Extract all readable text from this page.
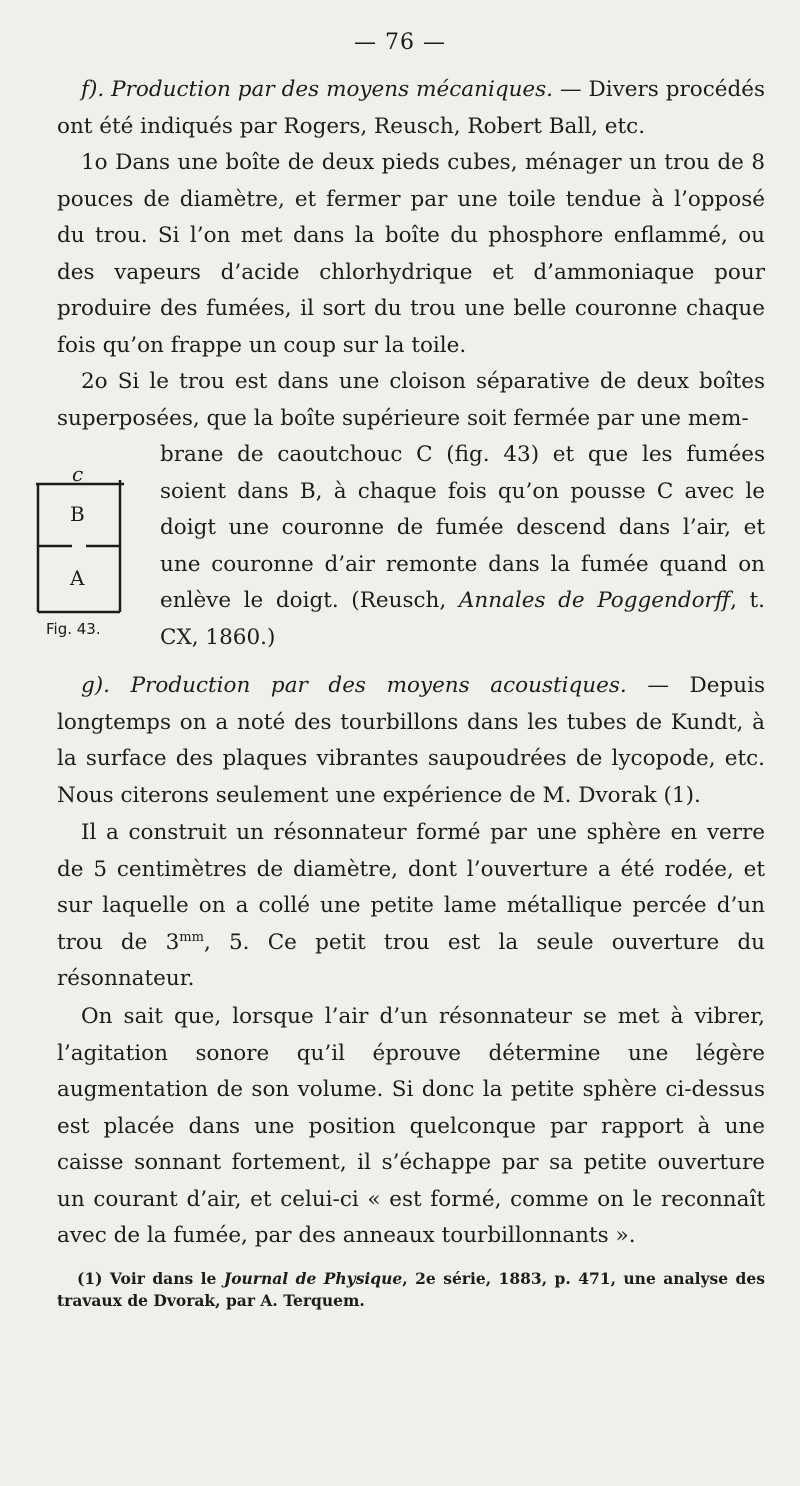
— 76 —

f). Production par des moyens mécaniques. — Divers procédés ont été indiqués par Rogers, Reusch, Robert Ball, etc.

1o Dans une boîte de deux pieds cubes, ménager un trou de 8 pouces de diamètre, et fermer par une toile tendue à l’opposé du trou. Si l’on met dans la boîte du phosphore enflammé, ou des vapeurs d’acide chlorhydrique et d’ammoniaque pour produire des fumées, il sort du trou une belle couronne chaque fois qu’on frappe un coup sur la toile.

2o Si le trou est dans une cloison séparative de deux boîtes superposées, que la boîte supérieure soit fermée par une mem-

brane de caoutchouc C (fig. 43) et que les fumées soient dans B, à chaque fois qu’on pousse C avec le doigt une couronne de fumée descend dans l’air, et une couronne d’air remonte dans la fumée quand on enlève le doigt. (Reusch, Annales de Poggendorff, t. CX, 1860.)

c
B
A
Fig. 43.

g). Production par des moyens acoustiques. — Depuis longtemps on a noté des tourbillons dans les tubes de Kundt, à la surface des plaques vibrantes saupoudrées de lycopode, etc. Nous citerons seulement une expérience de M. Dvorak (1).

Il a construit un résonnateur formé par une sphère en verre de 5 centimètres de diamètre, dont l’ouverture a été rodée, et sur laquelle on a collé une petite lame métallique percée d’un trou de $3^{mm}$, 5. Ce petit trou est la seule ouverture du résonnateur.

On sait que, lorsque l’air d’un résonnateur se met à vibrer, l’agitation sonore qu’il éprouve détermine une légère augmentation de son volume. Si donc la petite sphère ci-dessus est placée dans une position quelconque par rapport à une caisse sonnant fortement, il s’échappe par sa petite ouverture un courant d’air, et celui-ci « est formé, comme on le reconnaît avec de la fumée, par des anneaux tourbillonnants ».

(1) Voir dans le Journal de Physique, 2e série, 1883, p. 471, une analyse des travaux de Dvorak, par A. Terquem.
